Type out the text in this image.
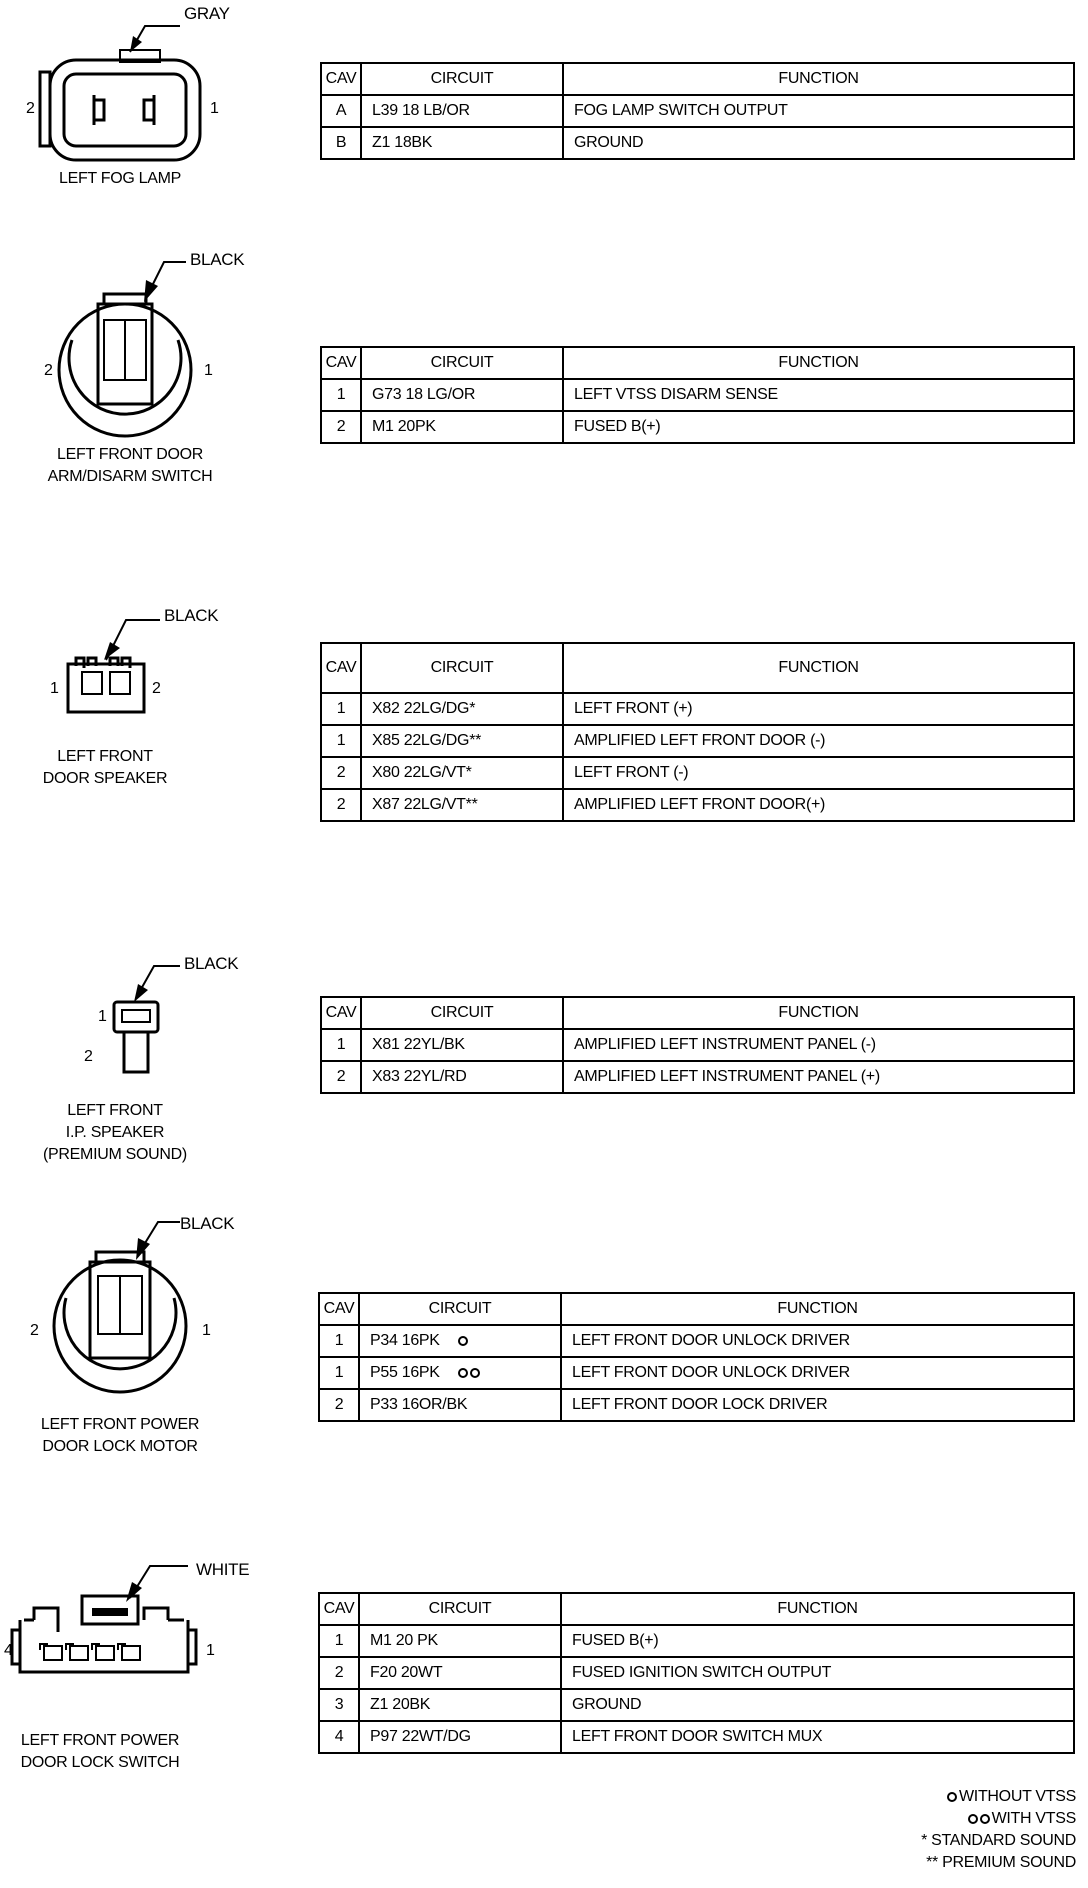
2	1
GRAY
LEFT FOG LAMP
CAV	CIRCUIT	FUNCTION
A	L39 18 LB/OR	FOG LAMP SWITCH OUTPUT
B	Z1 18BK	GROUND
2	1
BLACK
LEFT FRONT DOOR
ARM/DISARM SWITCH
CAV	CIRCUIT	FUNCTION
1	G73 18 LG/OR	LEFT VTSS DISARM SENSE
2	M1 20PK	FUSED B(+)
1	2
BLACK
LEFT FRONT
DOOR SPEAKER
CAV	CIRCUIT	FUNCTION
1	X82 22LG/DG*	LEFT FRONT (+)
1	X85 22LG/DG**	AMPLIFIED LEFT FRONT DOOR (-)
2	X80 22LG/VT*	LEFT FRONT (-)
2	X87 22LG/VT**	AMPLIFIED LEFT FRONT DOOR(+)
1
2
BLACK
LEFT FRONT
I.P. SPEAKER
(PREMIUM SOUND)
CAV	CIRCUIT	FUNCTION
1	X81 22YL/BK	AMPLIFIED LEFT INSTRUMENT PANEL (-)
2	X83 22YL/RD	AMPLIFIED LEFT INSTRUMENT PANEL (+)
2	1
BLACK
LEFT FRONT POWER
DOOR LOCK MOTOR
CAV	CIRCUIT	FUNCTION
1	P34 16PK	LEFT FRONT DOOR UNLOCK DRIVER
1	P55 16PK	LEFT FRONT DOOR UNLOCK DRIVER
2	P33 16OR/BK	LEFT FRONT DOOR LOCK DRIVER
4	1
WHITE
LEFT FRONT POWER
DOOR LOCK SWITCH
CAV	CIRCUIT	FUNCTION
1	M1 20 PK	FUSED B(+)
2	F20 20WT	FUSED IGNITION SWITCH OUTPUT
3	Z1 20BK	GROUND
4	P97 22WT/DG	LEFT FRONT DOOR SWITCH MUX
WITHOUT VTSS
WITH VTSS
* STANDARD SOUND
** PREMIUM SOUND
